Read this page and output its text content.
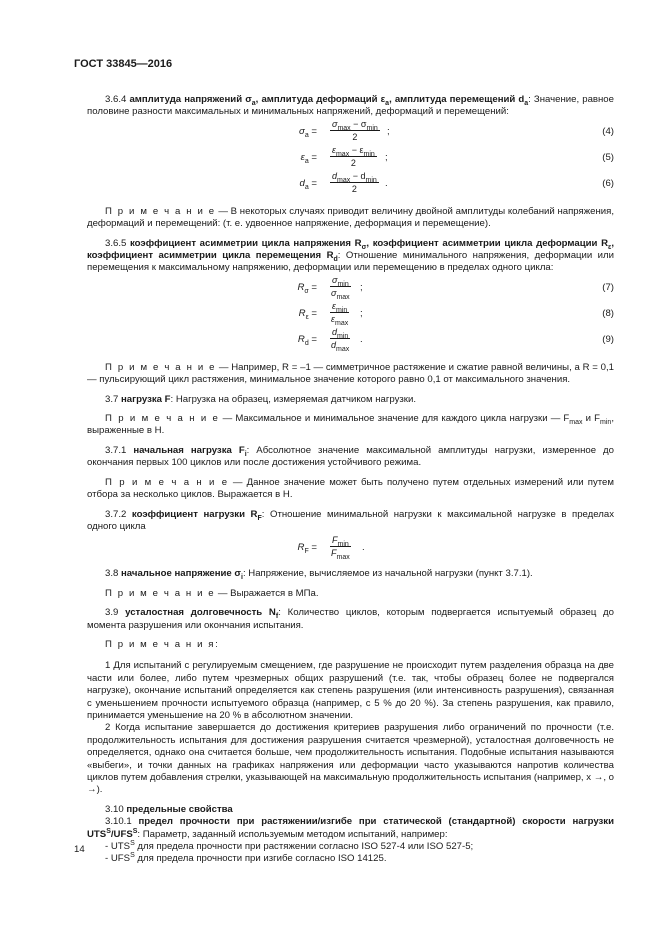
ГОСТ 33845—2016

3.6.4 амплитуда напряжений $\sigma_a$, амплитуда деформаций $\varepsilon_a$, амплитуда перемещений $d_a$: Значение, равное половине разности максимальных и минимальных напряжений, деформаций и перемещений:

$\sigma_a$ =
$\sigma_{max} - \sigma_{min}$
2	;	(4)
$\varepsilon_a$ =
$\varepsilon_{max} - \varepsilon_{min}$
2	;	(5)
$d_a$ =
$d_{max} - d_{min}$
2	.	(6)

П р и м е ч а н и е — В некоторых случаях приводит величину двойной амплитуды колебаний напряжения, деформаций и перемещений: (т. е. удвоенное напряжение, деформация и перемещение).

3.6.5 коэффициент асимметрии цикла напряжения $R_\sigma$, коэффициент асимметрии цикла деформации $R_\varepsilon$, коэффициент асимметрии цикла перемещения $R_d$: Отношение минимального напряжения, деформации или перемещения к максимальному напряжению, деформации или перемещению в пределах одного цикла:

$R_\sigma$ =
$\sigma_{min}$
$\sigma_{max}$
;	(7)
$R_\varepsilon$ =
$\varepsilon_{min}$
$\varepsilon_{max}$
;	(8)
$R_d$ =
$d_{min}$
$d_{max}$
.	(9)

П р и м е ч а н и е — Например, R = –1 — симметричное растяжение и сжатие равной величины, а R = 0,1 — пульсирующий цикл растяжения, минимальное значение которого равно 0,1 от максимального значения.

3.7 нагрузка F: Нагрузка на образец, измеряемая датчиком нагрузки.

П р и м е ч а н и е — Максимальное и минимальное значение для каждого цикла нагрузки — $F_{max}$ и $F_{min}$, выраженные в Н.

3.7.1 начальная нагрузка $F_i$: Абсолютное значение максимальной амплитуды нагрузки, измеренное до окончания первых 100 циклов или после достижения устойчивого режима.

П р и м е ч а н и е — Данное значение может быть получено путем отдельных измерений или путем отбора за несколько циклов. Выражается в Н.

3.7.2 коэффициент нагрузки $R_F$: Отношение минимальной нагрузки к максимальной нагрузке в пределах одного цикла

$R_F$ =
$F_{min}$
$F_{max}$
.

3.8 начальное напряжение $\sigma_i$: Напряжение, вычисляемое из начальной нагрузки (пункт 3.7.1).

П р и м е ч а н и е — Выражается в МПа.

3.9 усталостная долговечность $N_f$: Количество циклов, которым подвергается испытуемый образец до момента разрушения или окончания испытания.

П р и м е ч а н и я:

1 Для испытаний с регулируемым смещением, где разрушение не происходит путем разделения образца на две части или более, либо путем чрезмерных общих разрушений (т.е. так, чтобы образец более не подвергался нагрузке), окончание испытаний определяется как степень разрушения (или интенсивность разрушения), связанная с уменьшением прочности испытуемого образца (например, с 5 % до 20 %). За степень разрушения, как правило, принимается уменьшение на 20 % в абсолютном значении.

2 Когда испытание завершается до достижения критериев разрушения либо ограничений по прочности (т.е. продолжительность испытания для достижения разрушения считается чрезмерной), усталостная долговечность не определяется, однако она считается больше, чем продолжительность испытания. Подобные испытания называются «выбеги», и точки данных на графиках напряжения или деформации часто указываются напротив количества циклов путем добавления стрелки, указывающей на максимальную продолжительность испытания (например, x →, o →).

3.10 предельные свойства

3.10.1 предел прочности при растяжении/изгибе при статической (стандартной) скорости нагрузки $UTS^S/UFS^S$: Параметр, заданный используемым методом испытаний, например:

- $UTS^S$ для предела прочности при растяжении согласно ISO 527-4 или ISO 527-5;

- $UFS^S$ для предела прочности при изгибе согласно ISO 14125.

14
